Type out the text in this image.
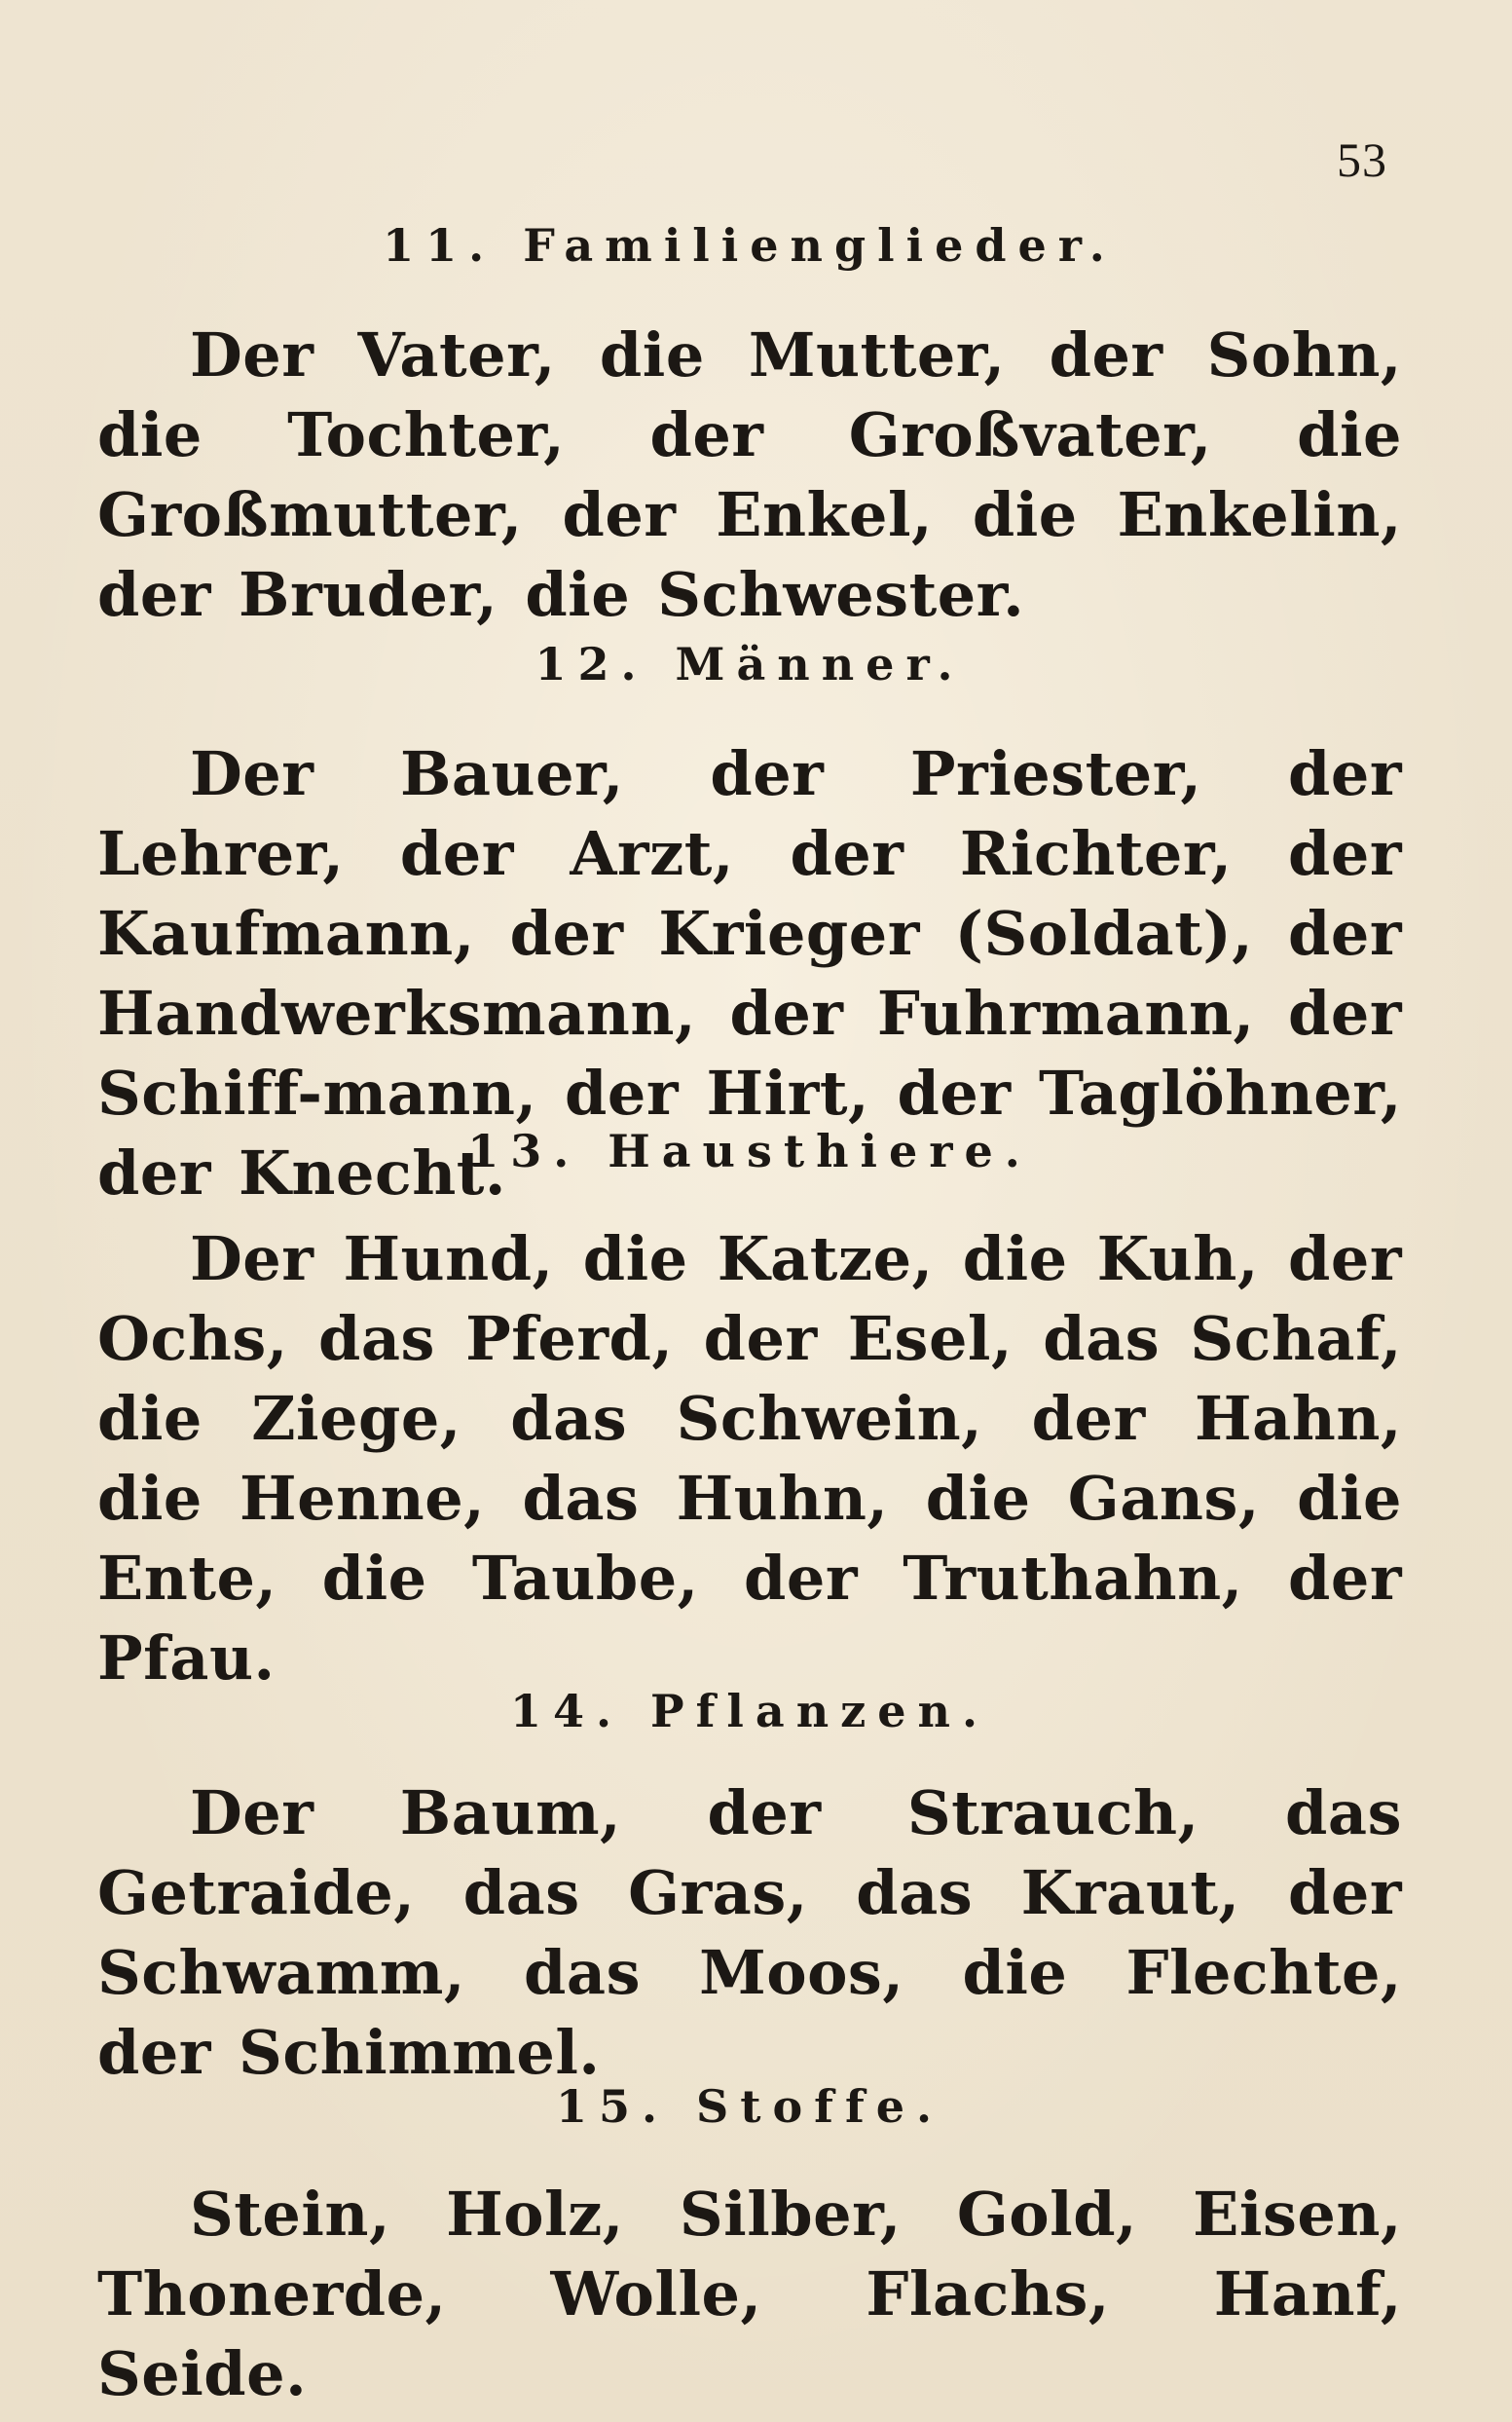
53
11. Familienglieder.

Der Vater, die Mutter, der Sohn, die Tochter, der Großvater, die Großmutter, der Enkel, die Enkelin, der Bruder, die Schwester.

12. Männer.

Der Bauer, der Priester, der Lehrer, der Arzt, der Richter, der Kaufmann, der Krieger (Soldat), der Handwerksmann, der Fuhrmann, der Schiff-mann, der Hirt, der Taglöhner, der Knecht.

13. Hausthiere.

Der Hund, die Katze, die Kuh, der Ochs, das Pferd, der Esel, das Schaf, die Ziege, das Schwein, der Hahn, die Henne, das Huhn, die Gans, die Ente, die Taube, der Truthahn, der Pfau.

14. Pflanzen.

Der Baum, der Strauch, das Getraide, das Gras, das Kraut, der Schwamm, das Moos, die Flechte, der Schimmel.

15. Stoffe.

Stein, Holz, Silber, Gold, Eisen, Thonerde, Wolle, Flachs, Hanf, Seide.
